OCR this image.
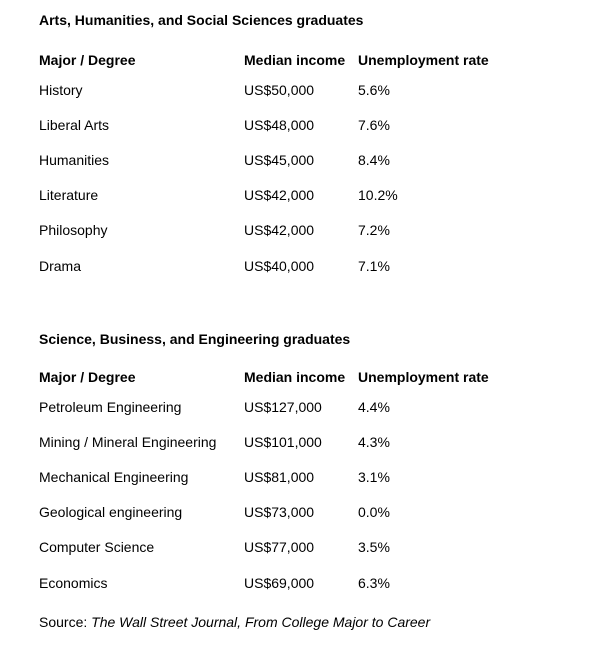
Arts, Humanities, and Social Sciences graduates
Major / Degree	Median income	Unemployment rate
History	US$50,000	5.6%
Liberal Arts	US$48,000	7.6%
Humanities	US$45,000	8.4%
Literature	US$42,000	10.2%
Philosophy	US$42,000	7.2%
Drama	US$40,000	7.1%
Science, Business, and Engineering graduates
Major / Degree	Median income	Unemployment rate
Petroleum Engineering	US$127,000	4.4%
Mining / Mineral Engineering	US$101,000	4.3%
Mechanical Engineering	US$81,000	3.1%
Geological engineering	US$73,000	0.0%
Computer Science	US$77,000	3.5%
Economics	US$69,000	6.3%
Source: The Wall Street Journal, From College Major to Career
